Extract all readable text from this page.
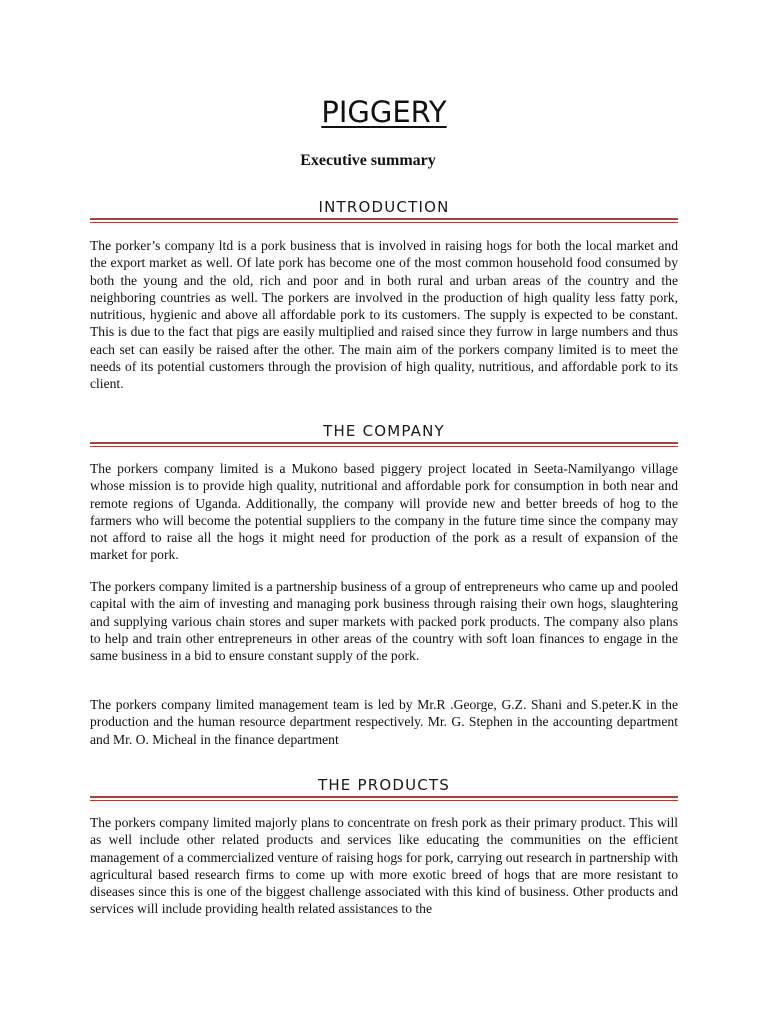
PIGGERY
Executive summary
INTRODUCTION

The porker’s company ltd is a pork business that is involved in raising hogs for both the local market and the export market as well. Of late pork has become one of the most common household food consumed by both the young and the old, rich and poor and in both rural and urban areas of the country and the neighboring countries as well. The porkers are involved in the production of high quality less fatty pork, nutritious, hygienic and above all affordable pork to its customers. The supply is expected to be constant. This is due to the fact that pigs are easily multiplied and raised since they furrow in large numbers and thus each set can easily be raised after the other. The main aim of the porkers company limited is to meet the needs of its potential customers through the provision of high quality, nutritious, and affordable pork to its client.

THE COMPANY

The porkers company limited is a Mukono based piggery project located in Seeta-Namilyango village whose mission is to provide high quality, nutritional and affordable pork for consumption in both near and remote regions of Uganda. Additionally, the company will provide new and better breeds of hog to the farmers who will become the potential suppliers to the company in the future time since the company may not afford to raise all the hogs it might need for production of the pork as a result of expansion of the market for pork.

The porkers company limited is a partnership business of a group of entrepreneurs who came up and pooled capital with the aim of investing and managing pork business through raising their own hogs, slaughtering and supplying various chain stores and super markets with packed pork products. The company also plans to help and train other entrepreneurs in other areas of the country with soft loan finances to engage in the same business in a bid to ensure constant supply of the pork.

The porkers company limited management team is led by Mr.R .George, G.Z. Shani and S.peter.K in the production and the human resource department respectively. Mr. G. Stephen in the accounting department and Mr. O. Micheal in the finance department

THE PRODUCTS

The porkers company limited majorly plans to concentrate on fresh pork as their primary product. This will as well include other related products and services like educating the communities on the efficient management of a commercialized venture of raising hogs for pork, carrying out research in partnership with agricultural based research firms to come up with more exotic breed of hogs that are more resistant to diseases since this is one of the biggest challenge associated with this kind of business. Other products and services will include providing health related assistances to the
